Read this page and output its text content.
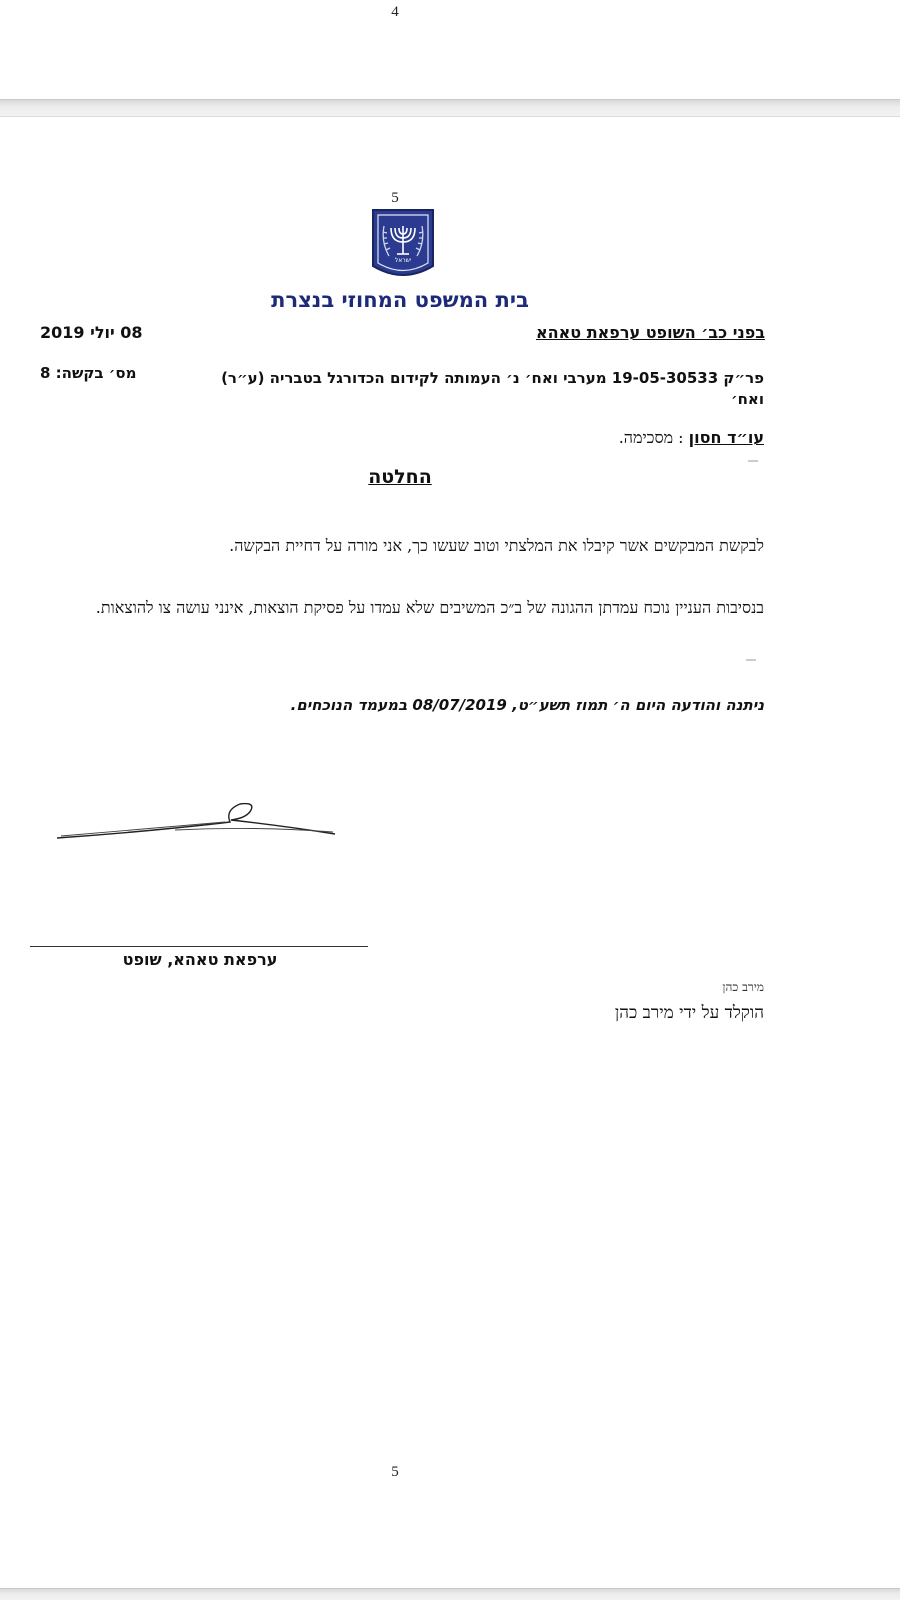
4
5
ישראל
בית המשפט המחוזי בנצרת
בפני כב׳ השופט ערפאת טאהא
08 יולי 2019
פר״ק 19-05-30533 מערבי ואח׳ נ׳ העמותה לקידום הכדורגל בטבריה (ע״ר) ואח׳
מס׳ בקשה: 8
עו״ד חסון : מסכימה.
החלטה
לבקשת המבקשים אשר קיבלו את המלצתי וטוב שעשו כך, אני מורה על דחיית הבקשה.
בנסיבות העניין נוכח עמדתן ההגונה של ב״כ המשיבים שלא עמדו על פסיקת הוצאות, אינני עושה צו להוצאות.
ניתנה והודעה היום ה׳ תמוז תשע״ט, 08/07/2019 במעמד הנוכחים.
ערפאת טאהא, שופט
מירב כהן
הוקלד על ידי מירב כהן
5
